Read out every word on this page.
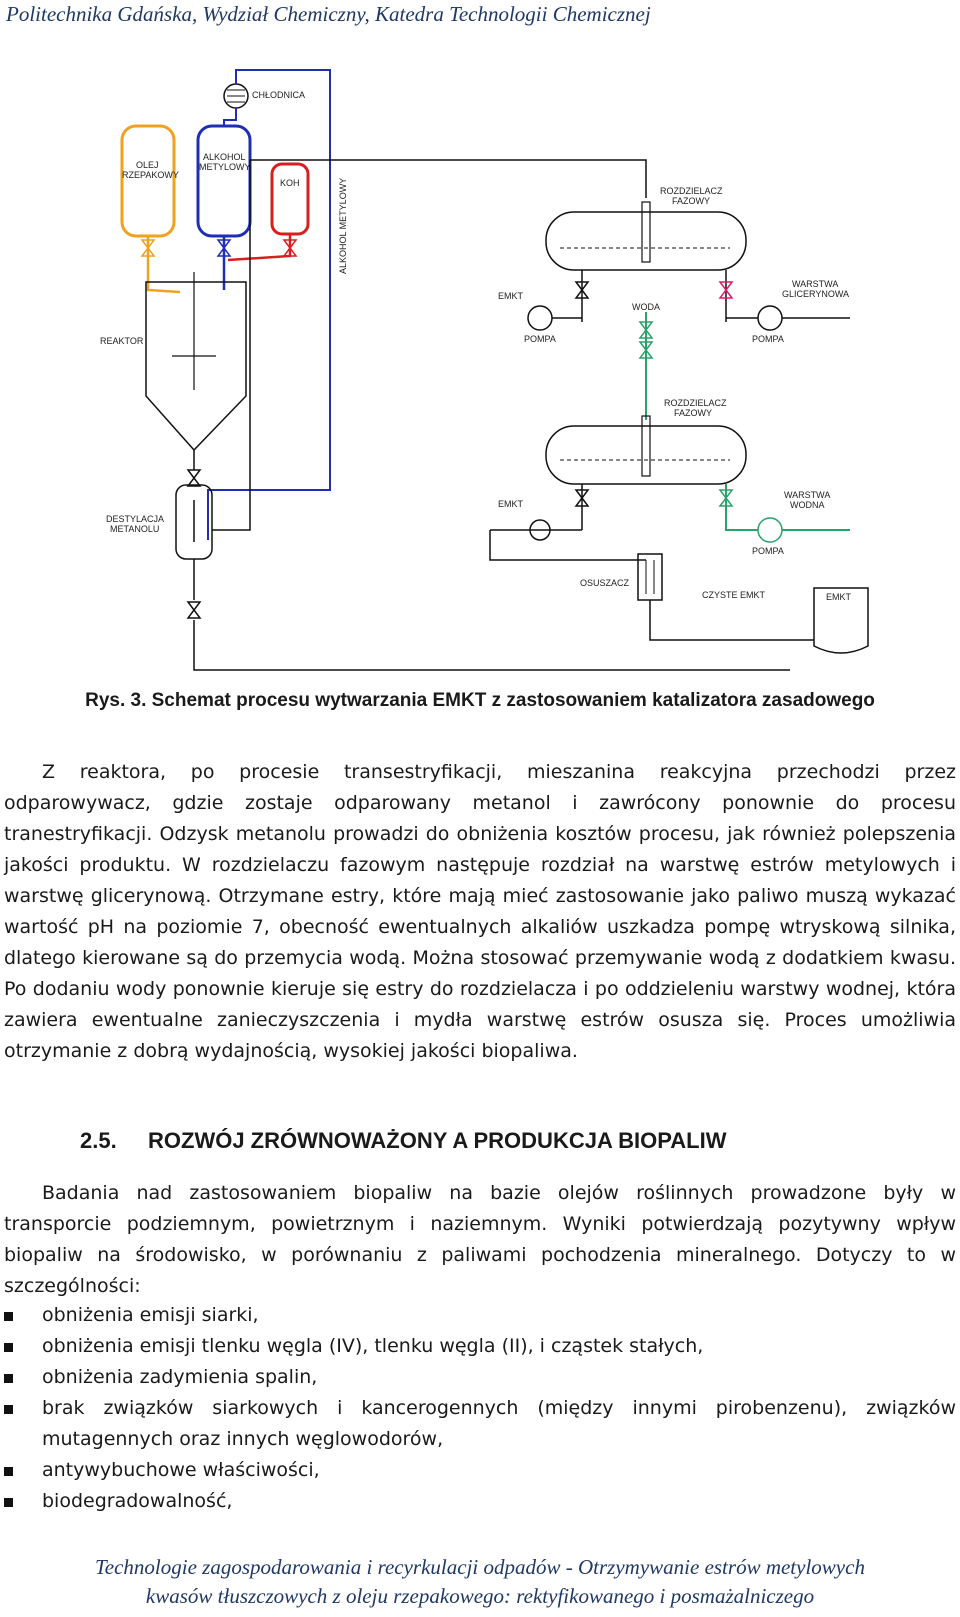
Politechnika Gdańska, Wydział Chemiczny, Katedra Technologii Chemicznej
CHŁODNICA
OLEJ
RZEPAKOWY
ALKOHOL
METYLOWY
KOH	ALKOHOL METYLOWY
REAKTOR
DESTYLACJA
METANOLU
ROZDZIELACZ
FAZOWY
EMKT
WODA
WARSTWA
GLICERYNOWA
POMPA	POMPA
ROZDZIELACZ
FAZOWY
EMKT
WARSTWA
WODNA
POMPA
OSUSZACZ
CZYSTE EMKT	EMKT
Rys. 3. Schemat procesu wytwarzania EMKT z zastosowaniem katalizatora zasadowego
Z reaktora, po procesie transestryfikacji, mieszanina reakcyjna przechodzi przez odparowywacz, gdzie zostaje odparowany metanol i zawrócony ponownie do procesu tranestryfikacji. Odzysk metanolu prowadzi do obniżenia kosztów procesu, jak również polepszenia jakości produktu. W rozdzielaczu fazowym następuje rozdział na warstwę estrów metylowych i warstwę glicerynową. Otrzymane estry, które mają mieć zastosowanie jako paliwo muszą wykazać wartość pH na poziomie 7, obecność ewentualnych alkaliów uszkadza pompę wtryskową silnika, dlatego kierowane są do przemycia wodą. Można stosować przemywanie wodą z dodatkiem kwasu. Po dodaniu wody ponownie kieruje się estry do rozdzielacza i po oddzieleniu warstwy wodnej, która zawiera ewentualne zanieczyszczenia i mydła warstwę estrów osusza się. Proces umożliwia otrzymanie z dobrą wydajnością, wysokiej jakości biopaliwa.
2.5. ROZWÓJ ZRÓWNOWAŻONY A PRODUKCJA BIOPALIW
Badania nad zastosowaniem biopaliw na bazie olejów roślinnych prowadzone były w transporcie podziemnym, powietrznym i naziemnym. Wyniki potwierdzają pozytywny wpływ biopaliw na środowisko, w porównaniu z paliwami pochodzenia mineralnego. Dotyczy to w szczególności:
obniżenia emisji siarki,
obniżenia emisji tlenku węgla (IV), tlenku węgla (II), i cząstek stałych,
obniżenia zadymienia spalin,
brak związków siarkowych i kancerogennych (między innymi pirobenzenu), związków mutagennych oraz innych węglowodorów,
antywybuchowe właściwości,
biodegradowalność,
Technologie zagospodarowania i recyrkulacji odpadów - Otrzymywanie estrów metylowych
kwasów tłuszczowych z oleju rzepakowego: rektyfikowanego i posmażalniczego
